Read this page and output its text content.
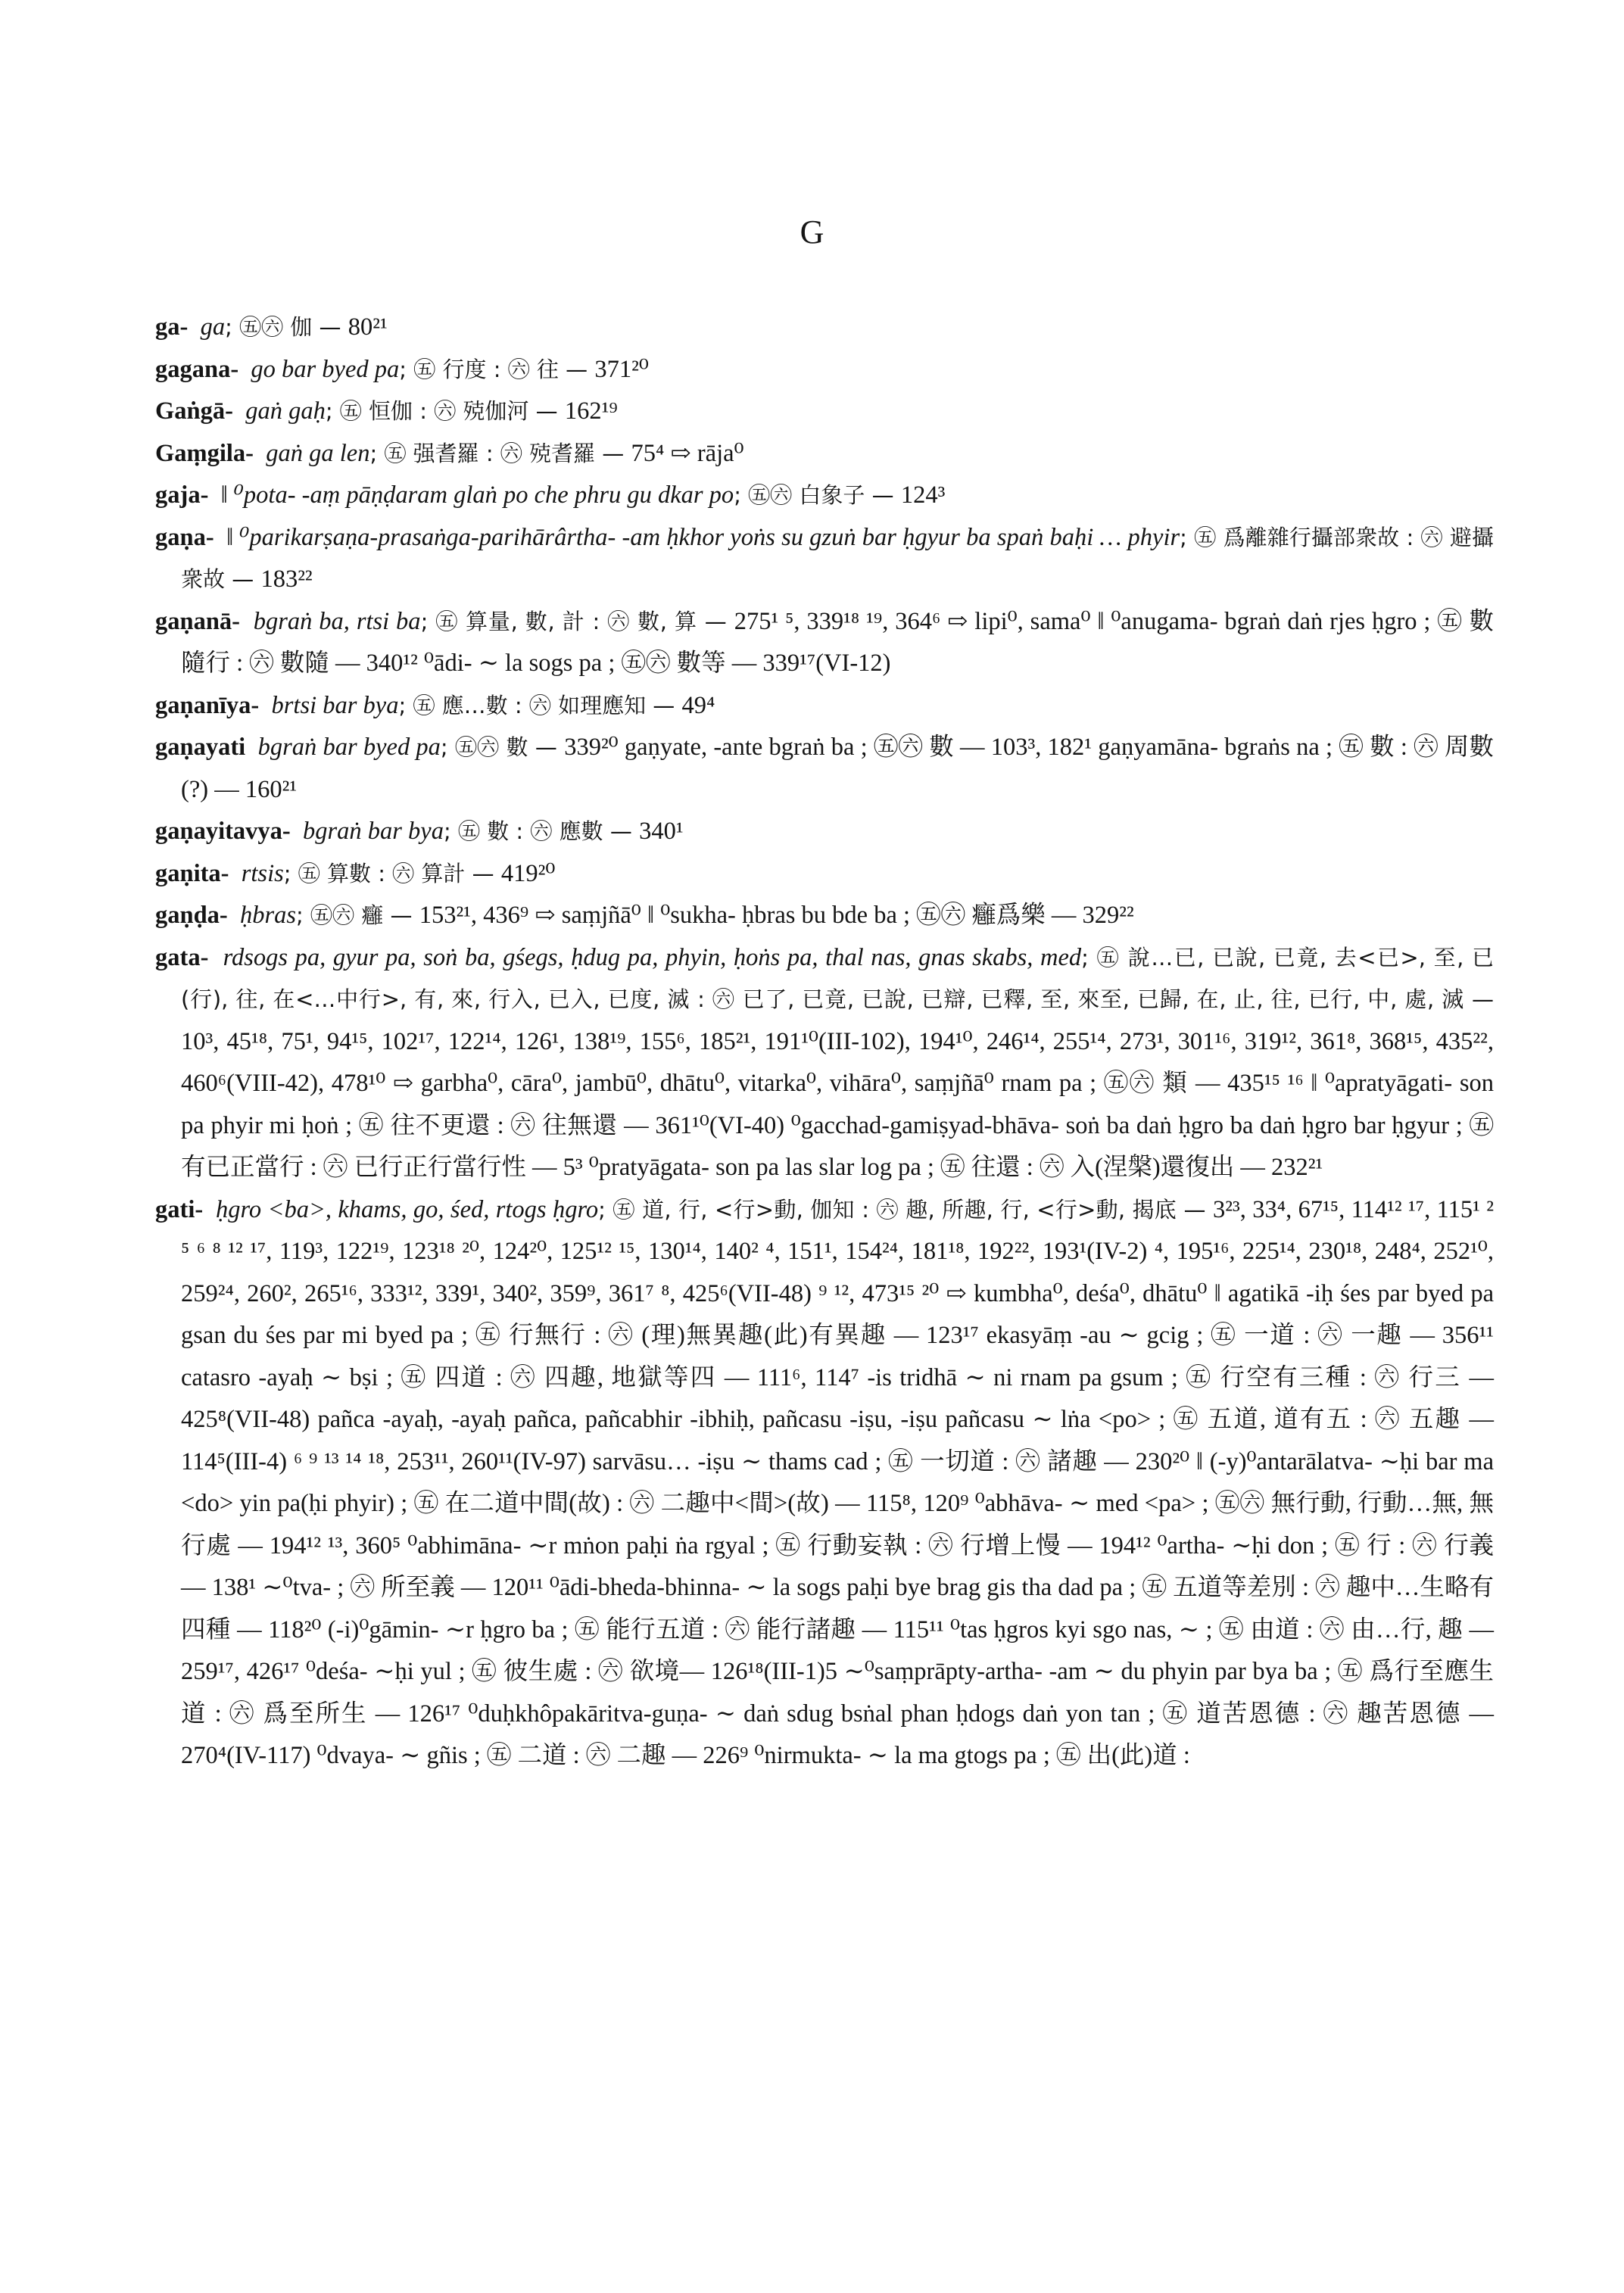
G

ga- ga; ㊄㊅ 伽 — 80²¹

gagana- go bar byed pa; ㊄ 行度 : ㊅ 往 — 371²⁰

Gaṅgā- gaṅ gaḥ; ㊄ 恒伽 : ㊅ 殑伽河 — 162¹⁹

Gaṃgila- gaṅ ga len; ㊄ 强耆羅 : ㊅ 殑耆羅 — 75⁴ ⇨ rāja⁰

gaja- ‖ ⁰pota- -aṃ pāṇḍaram glaṅ po che phru gu dkar po; ㊄㊅ 白象子 — 124³

gaṇa- ‖ ⁰parikarṣaṇa-prasaṅga-parihārârtha- -am ḥkhor yoṅs su gzuṅ bar ḥgyur ba spaṅ baḥi … phyir; ㊄ 爲離雜行攝部衆故 : ㊅ 避攝衆故 — 183²²

gaṇanā- bgraṅ ba, rtsi ba; ㊄ 算量, 數, 計 : ㊅ 數, 算 — 275¹ ⁵, 339¹⁸ ¹⁹, 364⁶ ⇨ lipi⁰, sama⁰ ‖ ⁰anugama- bgraṅ daṅ rjes ḥgro ; ㊄ 數隨行 : ㊅ 數隨 — 340¹² ⁰ādi- ∼ la sogs pa ; ㊄㊅ 數等 — 339¹⁷(VI-12)

gaṇanīya- brtsi bar bya; ㊄ 應…數 : ㊅ 如理應知 — 49⁴

gaṇayati bgraṅ bar byed pa; ㊄㊅ 數 — 339²⁰ gaṇyate, -ante bgraṅ ba ; ㊄㊅ 數 — 103³, 182¹ gaṇyamāna- bgraṅs na ; ㊄ 數 : ㊅ 周數(?) — 160²¹

gaṇayitavya- bgraṅ bar bya; ㊄ 數 : ㊅ 應數 — 340¹

gaṇita- rtsis; ㊄ 算數 : ㊅ 算計 — 419²⁰

gaṇḍa- ḥbras; ㊄㊅ 癰 — 153²¹, 436⁹ ⇨ saṃjñā⁰ ‖ ⁰sukha- ḥbras bu bde ba ; ㊄㊅ 癰爲樂 — 329²²

gata- rdsogs pa, gyur pa, soṅ ba, gśegs, ḥdug pa, phyin, ḥoṅs pa, thal nas, gnas skabs, med; ㊄ 說…已, 已說, 已竟, 去<已>, 至, 已(行), 往, 在<…中行>, 有, 來, 行入, 已入, 已度, 滅 : ㊅ 已了, 已竟, 已說, 已辯, 已釋, 至, 來至, 已歸, 在, 止, 往, 已行, 中, 處, 滅 — 10³, 45¹⁸, 75¹, 94¹⁵, 102¹⁷, 122¹⁴, 126¹, 138¹⁹, 155⁶, 185²¹, 191¹⁰(III-102), 194¹⁰, 246¹⁴, 255¹⁴, 273¹, 301¹⁶, 319¹², 361⁸, 368¹⁵, 435²², 460⁶(VIII-42), 478¹⁰ ⇨ garbha⁰, cāra⁰, jambū⁰, dhātu⁰, vitarka⁰, vihāra⁰, saṃjñā⁰ rnam pa ; ㊄㊅ 類 — 435¹⁵ ¹⁶ ‖ ⁰apratyāgati- son pa phyir mi ḥoṅ ; ㊄ 往不更還 : ㊅ 往無還 — 361¹⁰(VI-40) ⁰gacchad-gamiṣyad-bhāva- soṅ ba daṅ ḥgro ba daṅ ḥgro bar ḥgyur ; ㊄ 有已正當行 : ㊅ 已行正行當行性 — 5³ ⁰pratyāgata- son pa las slar log pa ; ㊄ 往還 : ㊅ 入(涅槃)還復出 — 232²¹

gati- ḥgro <ba>, khams, go, śed, rtogs ḥgro; ㊄ 道, 行, <行>動, 伽知 : ㊅ 趣, 所趣, 行, <行>動, 揭底 — 3²³, 33⁴, 67¹⁵, 114¹² ¹⁷, 115¹ ² ⁵ ⁶ ⁸ ¹² ¹⁷, 119³, 122¹⁹, 123¹⁸ ²⁰, 124²⁰, 125¹² ¹⁵, 130¹⁴, 140² ⁴, 151¹, 154²⁴, 181¹⁸, 192²², 193¹(IV-2) ⁴, 195¹⁶, 225¹⁴, 230¹⁸, 248⁴, 252¹⁰, 259²⁴, 260², 265¹⁶, 333¹², 339¹, 340², 359⁹, 361⁷ ⁸, 425⁶(VII-48) ⁹ ¹², 473¹⁵ ²⁰ ⇨ kumbha⁰, deśa⁰, dhātu⁰ ‖ agatikā -iḥ śes par byed pa gsan du śes par mi byed pa ; ㊄ 行無行 : ㊅ (理)無異趣(此)有異趣 — 123¹⁷ ekasyāṃ -au ∼ gcig ; ㊄ 一道 : ㊅ 一趣 — 356¹¹ catasro -ayaḥ ∼ bṣi ; ㊄ 四道 : ㊅ 四趣, 地獄等四 — 111⁶, 114⁷ -is tridhā ∼ ni rnam pa gsum ; ㊄ 行空有三種 : ㊅ 行三 — 425⁸(VII-48) pañca -ayaḥ, -ayaḥ pañca, pañcabhir -ibhiḥ, pañcasu -iṣu, -iṣu pañcasu ∼ lṅa <po> ; ㊄ 五道, 道有五 : ㊅ 五趣 — 114⁵(III-4) ⁶ ⁹ ¹³ ¹⁴ ¹⁸, 253¹¹, 260¹¹(IV-97) sarvāsu… -iṣu ∼ thams cad ; ㊄ 一切道 : ㊅ 諸趣 — 230²⁰ ‖ (-y)⁰antarālatva- ∼ḥi bar ma <do> yin pa(ḥi phyir) ; ㊄ 在二道中間(故) : ㊅ 二趣中<間>(故) — 115⁸, 120⁹ ⁰abhāva- ∼ med <pa> ; ㊄㊅ 無行動, 行動…無, 無行處 — 194¹² ¹³, 360⁵ ⁰abhimāna- ∼r mṅon paḥi ṅa rgyal ; ㊄ 行動妄執 : ㊅ 行增上慢 — 194¹² ⁰artha- ∼ḥi don ; ㊄ 行 : ㊅ 行義 — 138¹ ∼⁰tva- ; ㊅ 所至義 — 120¹¹ ⁰ādi-bheda-bhinna- ∼ la sogs paḥi bye brag gis tha dad pa ; ㊄ 五道等差別 : ㊅ 趣中…生略有四種 — 118²⁰ (-i)⁰gāmin- ∼r ḥgro ba ; ㊄ 能行五道 : ㊅ 能行諸趣 — 115¹¹ ⁰tas ḥgros kyi sgo nas, ∼ ; ㊄ 由道 : ㊅ 由…行, 趣 — 259¹⁷, 426¹⁷ ⁰deśa- ∼ḥi yul ; ㊄ 彼生處 : ㊅ 欲境— 126¹⁸(III-1)5 ∼⁰saṃprāpty-artha- -am ∼ du phyin par bya ba ; ㊄ 爲行至應生道 : ㊅ 爲至所生 — 126¹⁷ ⁰duḥkhôpakāritva-guṇa- ∼ daṅ sdug bsṅal phan ḥdogs daṅ yon tan ; ㊄ 道苦恩德 : ㊅ 趣苦恩德 — 270⁴(IV-117) ⁰dvaya- ∼ gñis ; ㊄ 二道 : ㊅ 二趣 — 226⁹ ⁰nirmukta- ∼ la ma gtogs pa ; ㊄ 出(此)道 :
